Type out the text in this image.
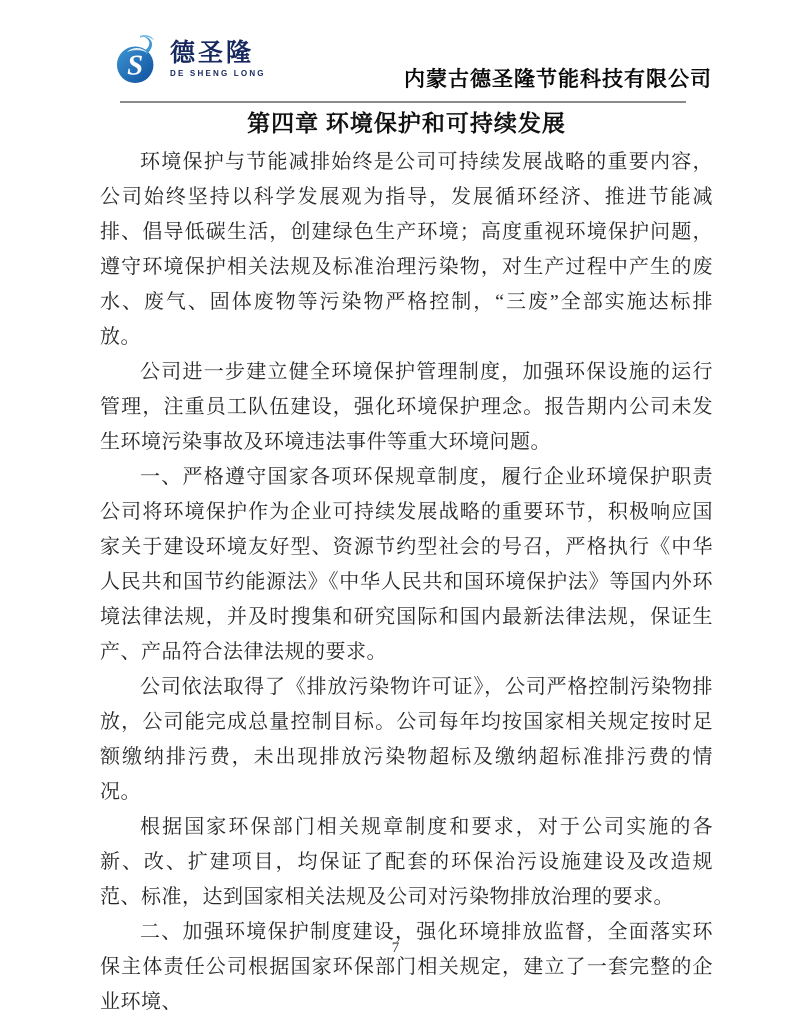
S 德圣隆
DE SHENG LONG	内蒙古德圣隆节能科技有限公司
第四章 环境保护和可持续发展

环境保护与节能减排始终是公司可持续发展战略的重要内容，公司始终坚持以科学发展观为指导，发展循环经济、推进节能减排、倡导低碳生活，创建绿色生产环境；高度重视环境保护问题，遵守环境保护相关法规及标准治理污染物，对生产过程中产生的废水、废气、固体废物等污染物严格控制，“三废”全部实施达标排放。

公司进一步建立健全环境保护管理制度，加强环保设施的运行管理，注重员工队伍建设，强化环境保护理念。报告期内公司未发生环境污染事故及环境违法事件等重大环境问题。

一、严格遵守国家各项环保规章制度，履行企业环境保护职责公司将环境保护作为企业可持续发展战略的重要环节，积极响应国家关于建设环境友好型、资源节约型社会的号召，严格执行《中华人民共和国节约能源法》《中华人民共和国环境保护法》等国内外环境法律法规，并及时搜集和研究国际和国内最新法律法规，保证生产、产品符合法律法规的要求。

公司依法取得了《排放污染物许可证》，公司严格控制污染物排放，公司能完成总量控制目标。公司每年均按国家相关规定按时足额缴纳排污费，未出现排放污染物超标及缴纳超标准排污费的情况。

根据国家环保部门相关规章制度和要求，对于公司实施的各新、改、扩建项目，均保证了配套的环保治污设施建设及改造规范、标准，达到国家相关法规及公司对污染物排放治理的要求。

二、加强环境保护制度建设，强化环境排放监督，全面落实环保主体责任公司根据国家环保部门相关规定，建立了一套完整的企业环境、

7
